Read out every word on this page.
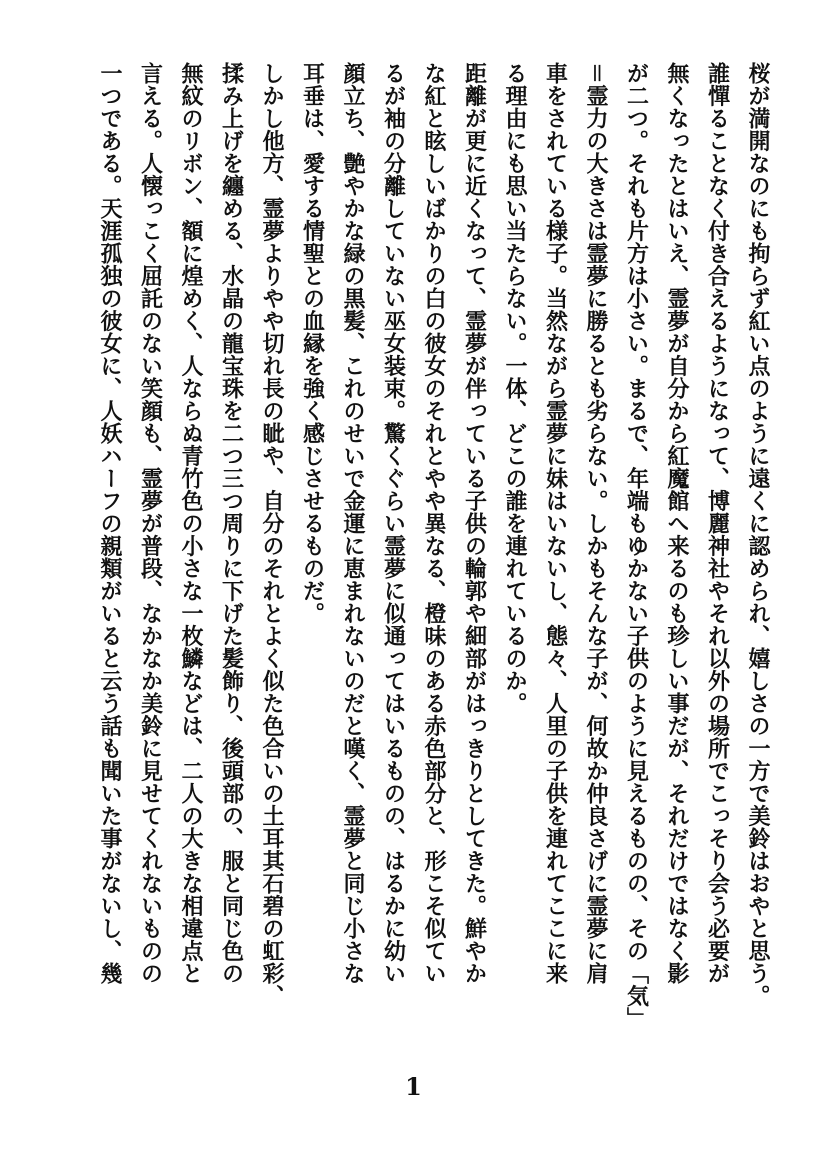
桜が満開なのにも拘らず紅い点のように遠くに認められ、嬉しさの一方で美鈴はおやと思う。
誰憚ることなく付き合えるようになって、博麗神社やそれ以外の場所でこっそり会う必要が
無くなったとはいえ、霊夢が自分から紅魔館へ来るのも珍しい事だが、それだけではなく影
が二つ。それも片方は小さい。まるで、年端もゆかない子供のように見えるものの、その「気」
＝霊力の大きさは霊夢に勝るとも劣らない。しかもそんな子が、何故か仲良さげに霊夢に肩
車をされている様子。当然ながら霊夢に妹はいないし、態々、人里の子供を連れてここに来
る理由にも思い当たらない。一体、どこの誰を連れているのか。
距離が更に近くなって、霊夢が伴っている子供の輪郭や細部がはっきりとしてきた。鮮やか
な紅と眩しいばかりの白の彼女のそれとやや異なる、橙味のある赤色部分と、形こそ似てい
るが袖の分離していない巫女装束。驚くぐらい霊夢に似通ってはいるものの、はるかに幼い
顔立ち、艶やかな緑の黒髪、これのせいで金運に恵まれないのだと嘆く、霊夢と同じ小さな
耳垂は、愛する情聖との血縁を強く感じさせるものだ。
しかし他方、霊夢よりやや切れ長の眦や、自分のそれとよく似た色合いの土耳其石碧の虹彩、
揉み上げを纏める、水晶の龍宝珠を二つ三つ周りに下げた髪飾り、後頭部の、服と同じ色の
無紋のリボン、額に煌めく、人ならぬ青竹色の小さな一枚鱗などは、二人の大きな相違点と
言える。人懐っこく屈託のない笑顔も、霊夢が普段、なかなか美鈴に見せてくれないものの
一つである。天涯孤独の彼女に、人妖ハーフの親類がいると云う話も聞いた事がないし、幾
1
